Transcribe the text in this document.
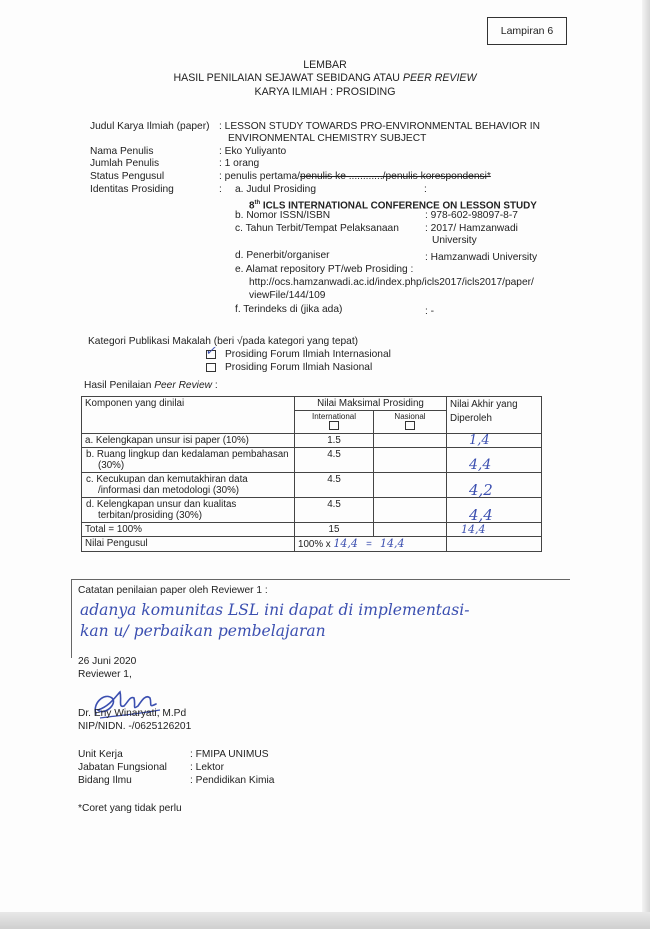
Lampiran 6
LEMBAR
HASIL PENILAIAN SEJAWAT SEBIDANG ATAU PEER REVIEW
KARYA ILMIAH : PROSIDING
Judul Karya Ilmiah (paper) : LESSON STUDY TOWARDS PRO-ENVIRONMENTAL BEHAVIOR IN
ENVIRONMENTAL CHEMISTRY SUBJECT
Nama Penulis	: Eko Yuliyanto
Jumlah Penulis	: 1 orang
Status Pengusul	: penulis pertama/penulis ke ............/penulis korespondensi*
Identitas Prosiding	: a. Judul Prosiding	:
8th ICLS INTERNATIONAL CONFERENCE ON LESSON STUDY
b. Nomor ISSN/ISBN	: 978-602-98097-8-7
c. Tahun Terbit/Tempat Pelaksanaan	: 2017/ Hamzanwadi
University
d. Penerbit/organiser	: Hamzanwadi University
e. Alamat repository PT/web Prosiding :
http://ocs.hamzanwadi.ac.id/index.php/icls2017/icls2017/paper/
viewFile/144/109
f. Terindeks di (jika ada)	: -
Kategori Publikasi Makalah (beri √pada kategori yang tepat)
✓ Prosiding Forum Ilmiah Internasional
Prosiding Forum Ilmiah Nasional
Hasil Penilaian Peer Review :
Komponen yang dinilai	Nilai Maksimal Prosiding		Nilai Akhir yang Diperoleh
	International	Nasional	

a. Kelengkapan unsur isi paper (10%)	1.5		1,4
b. Ruang lingkup dan kedalaman pembahasan (30%)	4.5		4,4
c. Kecukupan dan kemutakhiran data /informasi dan metodologi (30%)	4.5		4,2
d. Kelengkapan unsur dan kualitas terbitan/prosiding (30%)	4.5		4,4
Total = 100%	15		14,4
Nilai Pengusul	100% x 14,4 = 14,4		
Catatan penilaian paper oleh Reviewer 1 :
adanya komunitas LSL ini dapat di implementasi-
kan u/ perbaikan pembelajaran
26 Juni 2020
Reviewer 1,
Dr. Eny Winaryati, M.Pd
NIP/NIDN. -/0625126201
Unit Kerja	: FMIPA UNIMUS
Jabatan Fungsional : Lektor
Bidang Ilmu	: Pendidikan Kimia
*Coret yang tidak perlu
